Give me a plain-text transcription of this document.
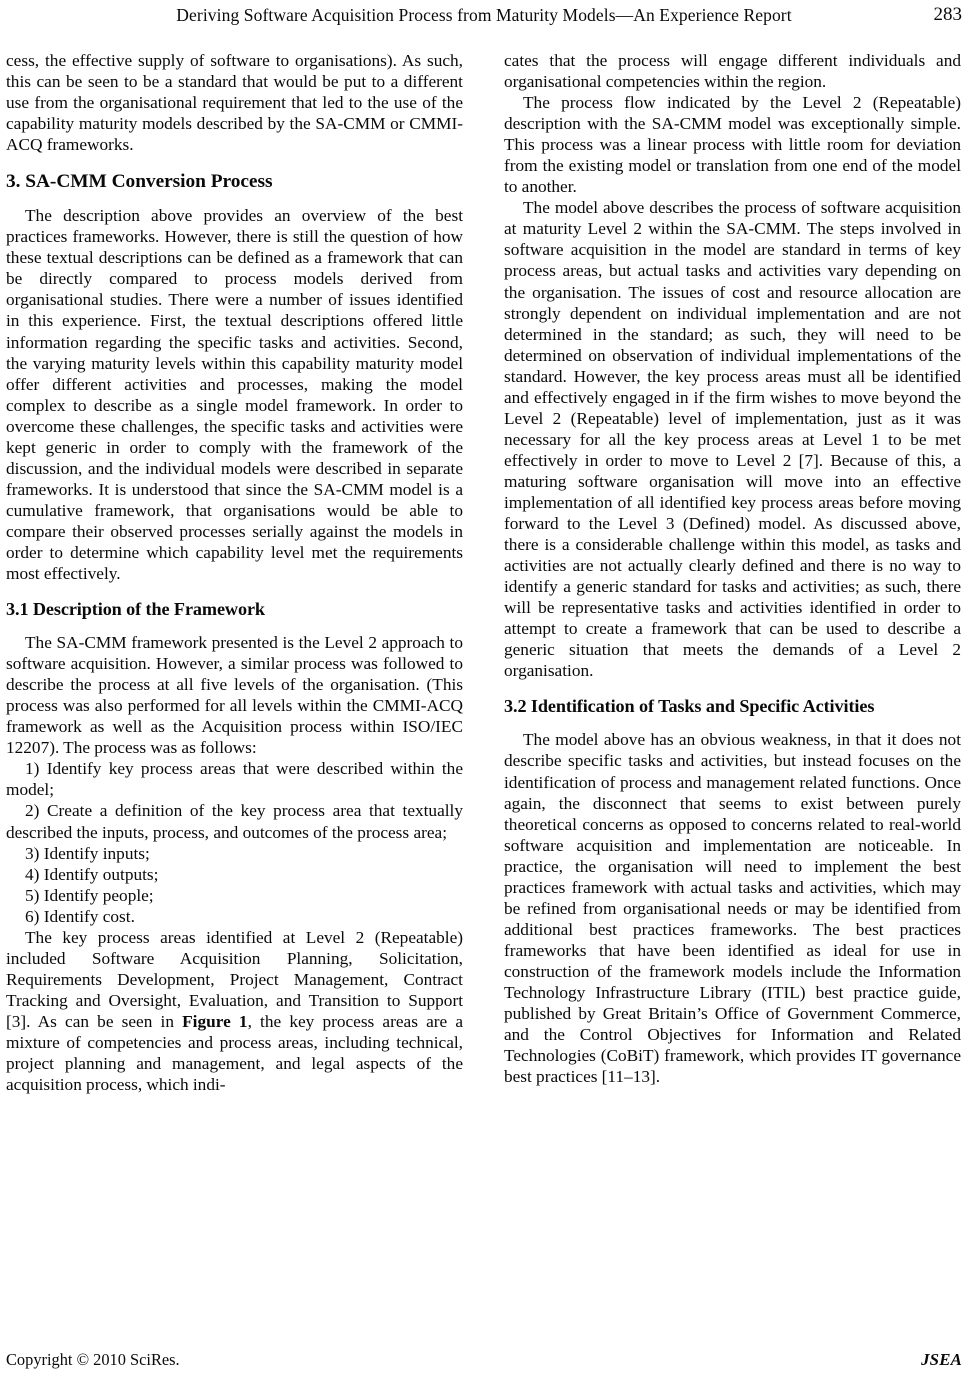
Deriving Software Acquisition Process from Maturity Models—An Experience Report	283

cess, the effective supply of software to organisations). As such, this can be seen to be a standard that would be put to a different use from the organisational requirement that led to the use of the capability maturity models described by the SA-CMM or CMMI-ACQ frameworks.

3. SA-CMM Conversion Process

The description above provides an overview of the best practices frameworks. However, there is still the question of how these textual descriptions can be defined as a framework that can be directly compared to process models derived from organisational studies. There were a number of issues identified in this experience. First, the textual descriptions offered little information regarding the specific tasks and activities. Second, the varying maturity levels within this capability maturity model offer different activities and processes, making the model complex to describe as a single model framework. In order to overcome these challenges, the specific tasks and activities were kept generic in order to comply with the framework of the discussion, and the individual models were described in separate frameworks. It is understood that since the SA-CMM model is a cumulative framework, that organisations would be able to compare their observed processes serially against the models in order to determine which capability level met the requirements most effectively.

3.1 Description of the Framework

The SA-CMM framework presented is the Level 2 approach to software acquisition. However, a similar process was followed to describe the process at all five levels of the organisation. (This process was also performed for all levels within the CMMI-ACQ framework as well as the Acquisition process within ISO/IEC 12207). The process was as follows:

1) Identify key process areas that were described within the model;

2) Create a definition of the key process area that textually described the inputs, process, and outcomes of the process area;

3) Identify inputs;

4) Identify outputs;

5) Identify people;

6) Identify cost.

The key process areas identified at Level 2 (Repeatable) included Software Acquisition Planning, Solicitation, Requirements Development, Project Management, Contract Tracking and Oversight, Evaluation, and Transition to Support [3]. As can be seen in Figure 1, the key process areas are a mixture of competencies and process areas, including technical, project planning and management, and legal aspects of the acquisition process, which indi-

cates that the process will engage different individuals and organisational competencies within the region.

The process flow indicated by the Level 2 (Repeatable) description with the SA-CMM model was exceptionally simple. This process was a linear process with little room for deviation from the existing model or translation from one end of the model to another.

The model above describes the process of software acquisition at maturity Level 2 within the SA-CMM. The steps involved in software acquisition in the model are standard in terms of key process areas, but actual tasks and activities vary depending on the organisation. The issues of cost and resource allocation are strongly dependent on individual implementation and are not determined in the standard; as such, they will need to be determined on observation of individual implementations of the standard. However, the key process areas must all be identified and effectively engaged in if the firm wishes to move beyond the Level 2 (Repeatable) level of implementation, just as it was necessary for all the key process areas at Level 1 to be met effectively in order to move to Level 2 [7]. Because of this, a maturing software organisation will move into an effective implementation of all identified key process areas before moving forward to the Level 3 (Defined) model. As discussed above, there is a considerable challenge within this model, as tasks and activities are not actually clearly defined and there is no way to identify a generic standard for tasks and activities; as such, there will be representative tasks and activities identified in order to attempt to create a framework that can be used to describe a generic situation that meets the demands of a Level 2 organisation.

3.2 Identification of Tasks and Specific Activities

The model above has an obvious weakness, in that it does not describe specific tasks and activities, but instead focuses on the identification of process and management related functions. Once again, the disconnect that seems to exist between purely theoretical concerns as opposed to concerns related to real-world software acquisition and implementation are noticeable. In practice, the organisation will need to implement the best practices framework with actual tasks and activities, which may be refined from organisational needs or may be identified from additional best practices frameworks. The best practices frameworks that have been identified as ideal for use in construction of the framework models include the Information Technology Infrastructure Library (ITIL) best practice guide, published by Great Britain’s Office of Government Commerce, and the Control Objectives for Information and Related Technologies (CoBiT) framework, which provides IT governance best practices [11–13].

Copyright © 2010 SciRes.	JSEA
